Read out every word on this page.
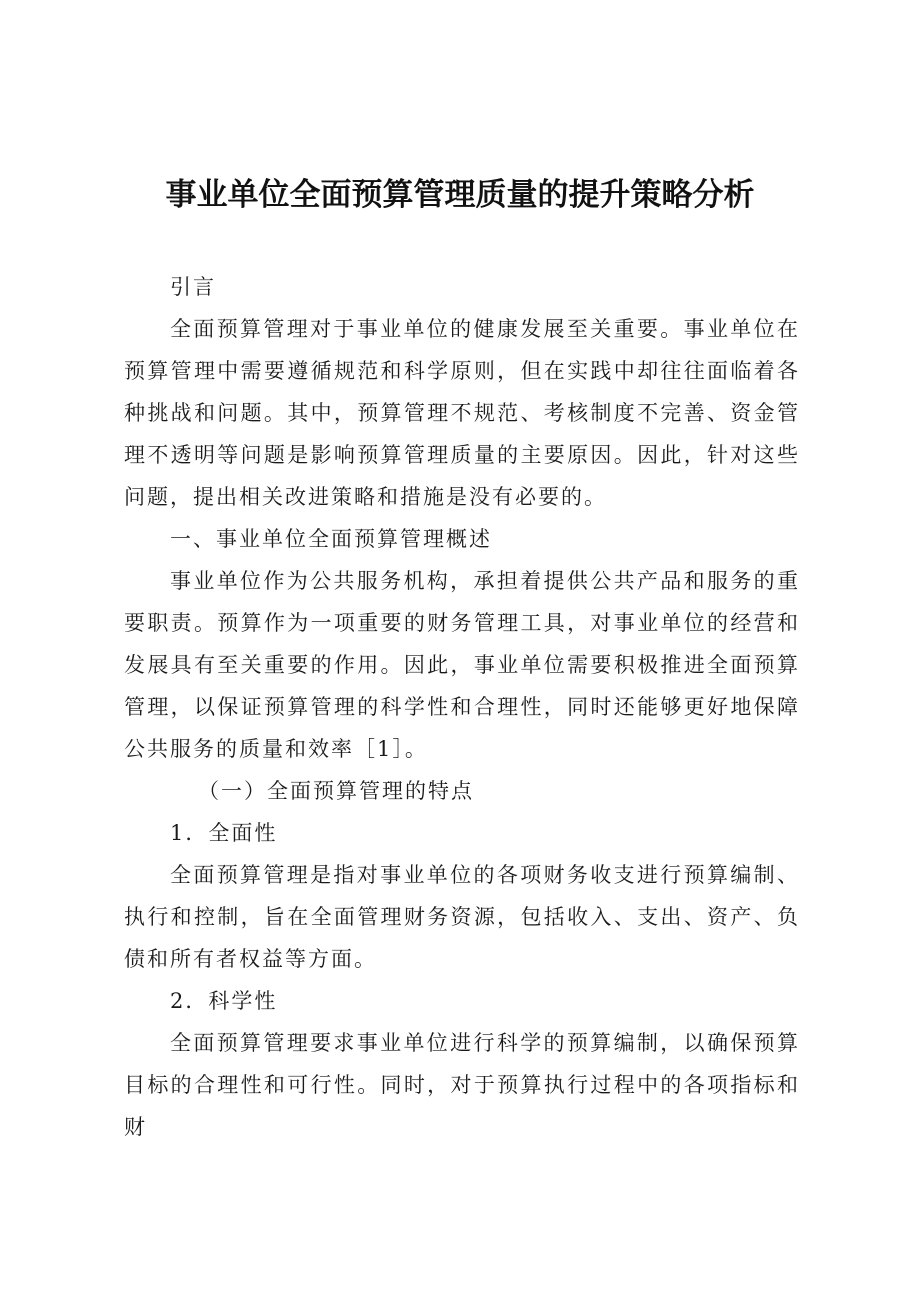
事业单位全面预算管理质量的提升策略分析

引言

全面预算管理对于事业单位的健康发展至关重要。事业单位在预算管理中需要遵循规范和科学原则，但在实践中却往往面临着各种挑战和问题。其中，预算管理不规范、考核制度不完善、资金管理不透明等问题是影响预算管理质量的主要原因。因此，针对这些问题，提出相关改进策略和措施是没有必要的。

一、事业单位全面预算管理概述

事业单位作为公共服务机构，承担着提供公共产品和服务的重要职责。预算作为一项重要的财务管理工具，对事业单位的经营和发展具有至关重要的作用。因此，事业单位需要积极推进全面预算管理，以保证预算管理的科学性和合理性，同时还能够更好地保障公共服务的质量和效率［1］。

（一）全面预算管理的特点

1．全面性

全面预算管理是指对事业单位的各项财务收支进行预算编制、执行和控制，旨在全面管理财务资源，包括收入、支出、资产、负债和所有者权益等方面。

2．科学性

全面预算管理要求事业单位进行科学的预算编制，以确保预算目标的合理性和可行性。同时，对于预算执行过程中的各项指标和财
